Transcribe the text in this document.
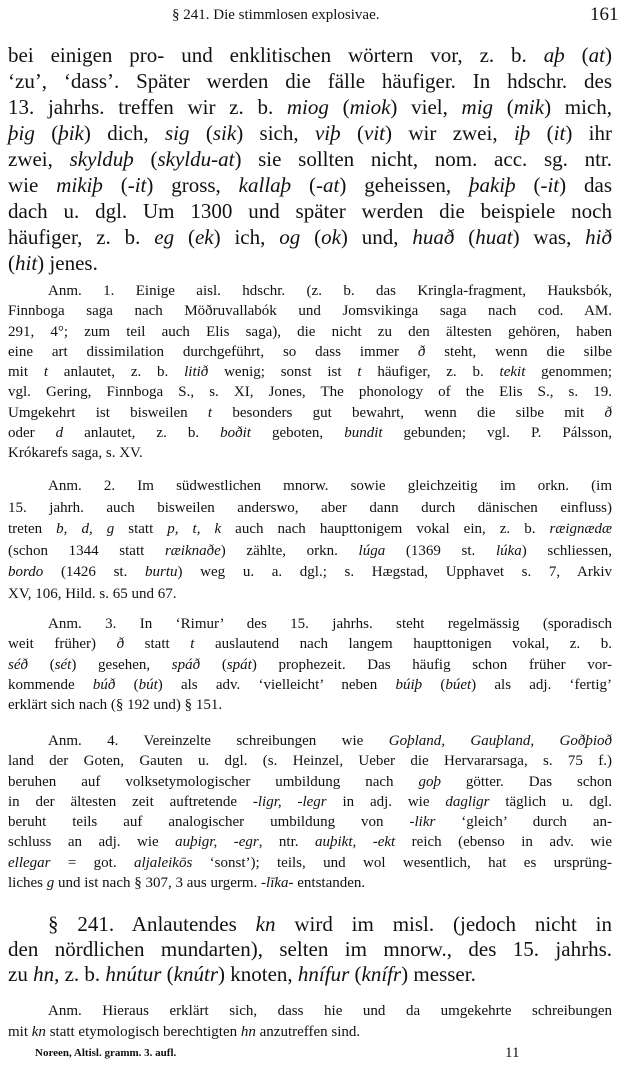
§ 241. Die stimmlosen explosivae.	161
bei einigen pro- und enklitischen wörtern vor, z. b. aþ (at)
‘zu’, ‘dass’. Später werden die fälle häufiger. In hdschr. des
13. jahrhs. treffen wir z. b. miog (miok) viel, mig (mik) mich,
þig (þik) dich, sig (sik) sich, viþ (vit) wir zwei, iþ (it) ihr
zwei, skylduþ (skyldu-at) sie sollten nicht, nom. acc. sg. ntr.
wie mikiþ (-it) gross, kallaþ (-at) geheissen, þakiþ (-it) das
dach u. dgl. Um 1300 und später werden die beispiele noch
häufiger, z. b. eg (ek) ich, og (ok) und, huað (huat) was, hið
(hit) jenes.
Anm. 1. Einige aisl. hdschr. (z. b. das Kringla-fragment, Hauksbók,
Finnboga saga nach Möðruvallabók und Jomsvikinga saga nach cod. AM.
291, 4°; zum teil auch Elis saga), die nicht zu den ältesten gehören, haben
eine art dissimilation durchgeführt, so dass immer ð steht, wenn die silbe
mit t anlautet, z. b. litið wenig; sonst ist t häufiger, z. b. tekit genommen;
vgl. Gering, Finnboga S., s. XI, Jones, The phonology of the Elis S., s. 19.
Umgekehrt ist bisweilen t besonders gut bewahrt, wenn die silbe mit ð
oder d anlautet, z. b. boðit geboten, bundit gebunden; vgl. P. Pálsson,
Krókarefs saga, s. XV.
Anm. 2. Im südwestlichen mnorw. sowie gleichzeitig im orkn. (im
15. jahrh. auch bisweilen anderswo, aber dann durch dänischen einfluss)
treten b, d, g statt p, t, k auch nach haupttonigem vokal ein, z. b. ræignædæ
(schon 1344 statt ræiknaðe) zählte, orkn. lúga (1369 st. lúka) schliessen,
bordo (1426 st. burtu) weg u. a. dgl.; s. Hægstad, Upphavet s. 7, Arkiv
XV, 106, Hild. s. 65 und 67.
Anm. 3. In ‘Rimur’ des 15. jahrhs. steht regelmässig (sporadisch
weit früher) ð statt t auslautend nach langem haupttonigen vokal, z. b.
séð (sét) gesehen, spáð (spát) prophezeit. Das häufig schon früher vor-
kommende búð (bút) als adv. ‘vielleicht’ neben búiþ (búet) als adj. ‘fertig’
erklärt sich nach (§ 192 und) § 151.
Anm. 4. Vereinzelte schreibungen wie Goþland, Gauþland, Goðþioð
land der Goten, Gauten u. dgl. (s. Heinzel, Ueber die Hervararsaga, s. 75 f.)
beruhen auf volksetymologischer umbildung nach goþ götter. Das schon
in der ältesten zeit auftretende -ligr, -legr in adj. wie dagligr täglich u. dgl.
beruht teils auf analogischer umbildung von -likr ‘gleich’ durch an-
schluss an adj. wie auþigr, -egr, ntr. auþikt, -ekt reich (ebenso in adv. wie
ellegar = got. aljaleikōs ‘sonst’); teils, und wol wesentlich, hat es ursprüng-
liches g und ist nach § 307, 3 aus urgerm. -līka- entstanden.
§ 241. Anlautendes kn wird im misl. (jedoch nicht in
den nördlichen mundarten), selten im mnorw., des 15. jahrhs.
zu hn, z. b. hnútur (knútr) knoten, hnífur (knífr) messer.
Anm. Hieraus erklärt sich, dass hie und da umgekehrte schreibungen
mit kn statt etymologisch berechtigten hn anzutreffen sind.
Noreen, Altisl. gramm. 3. aufl.	11
